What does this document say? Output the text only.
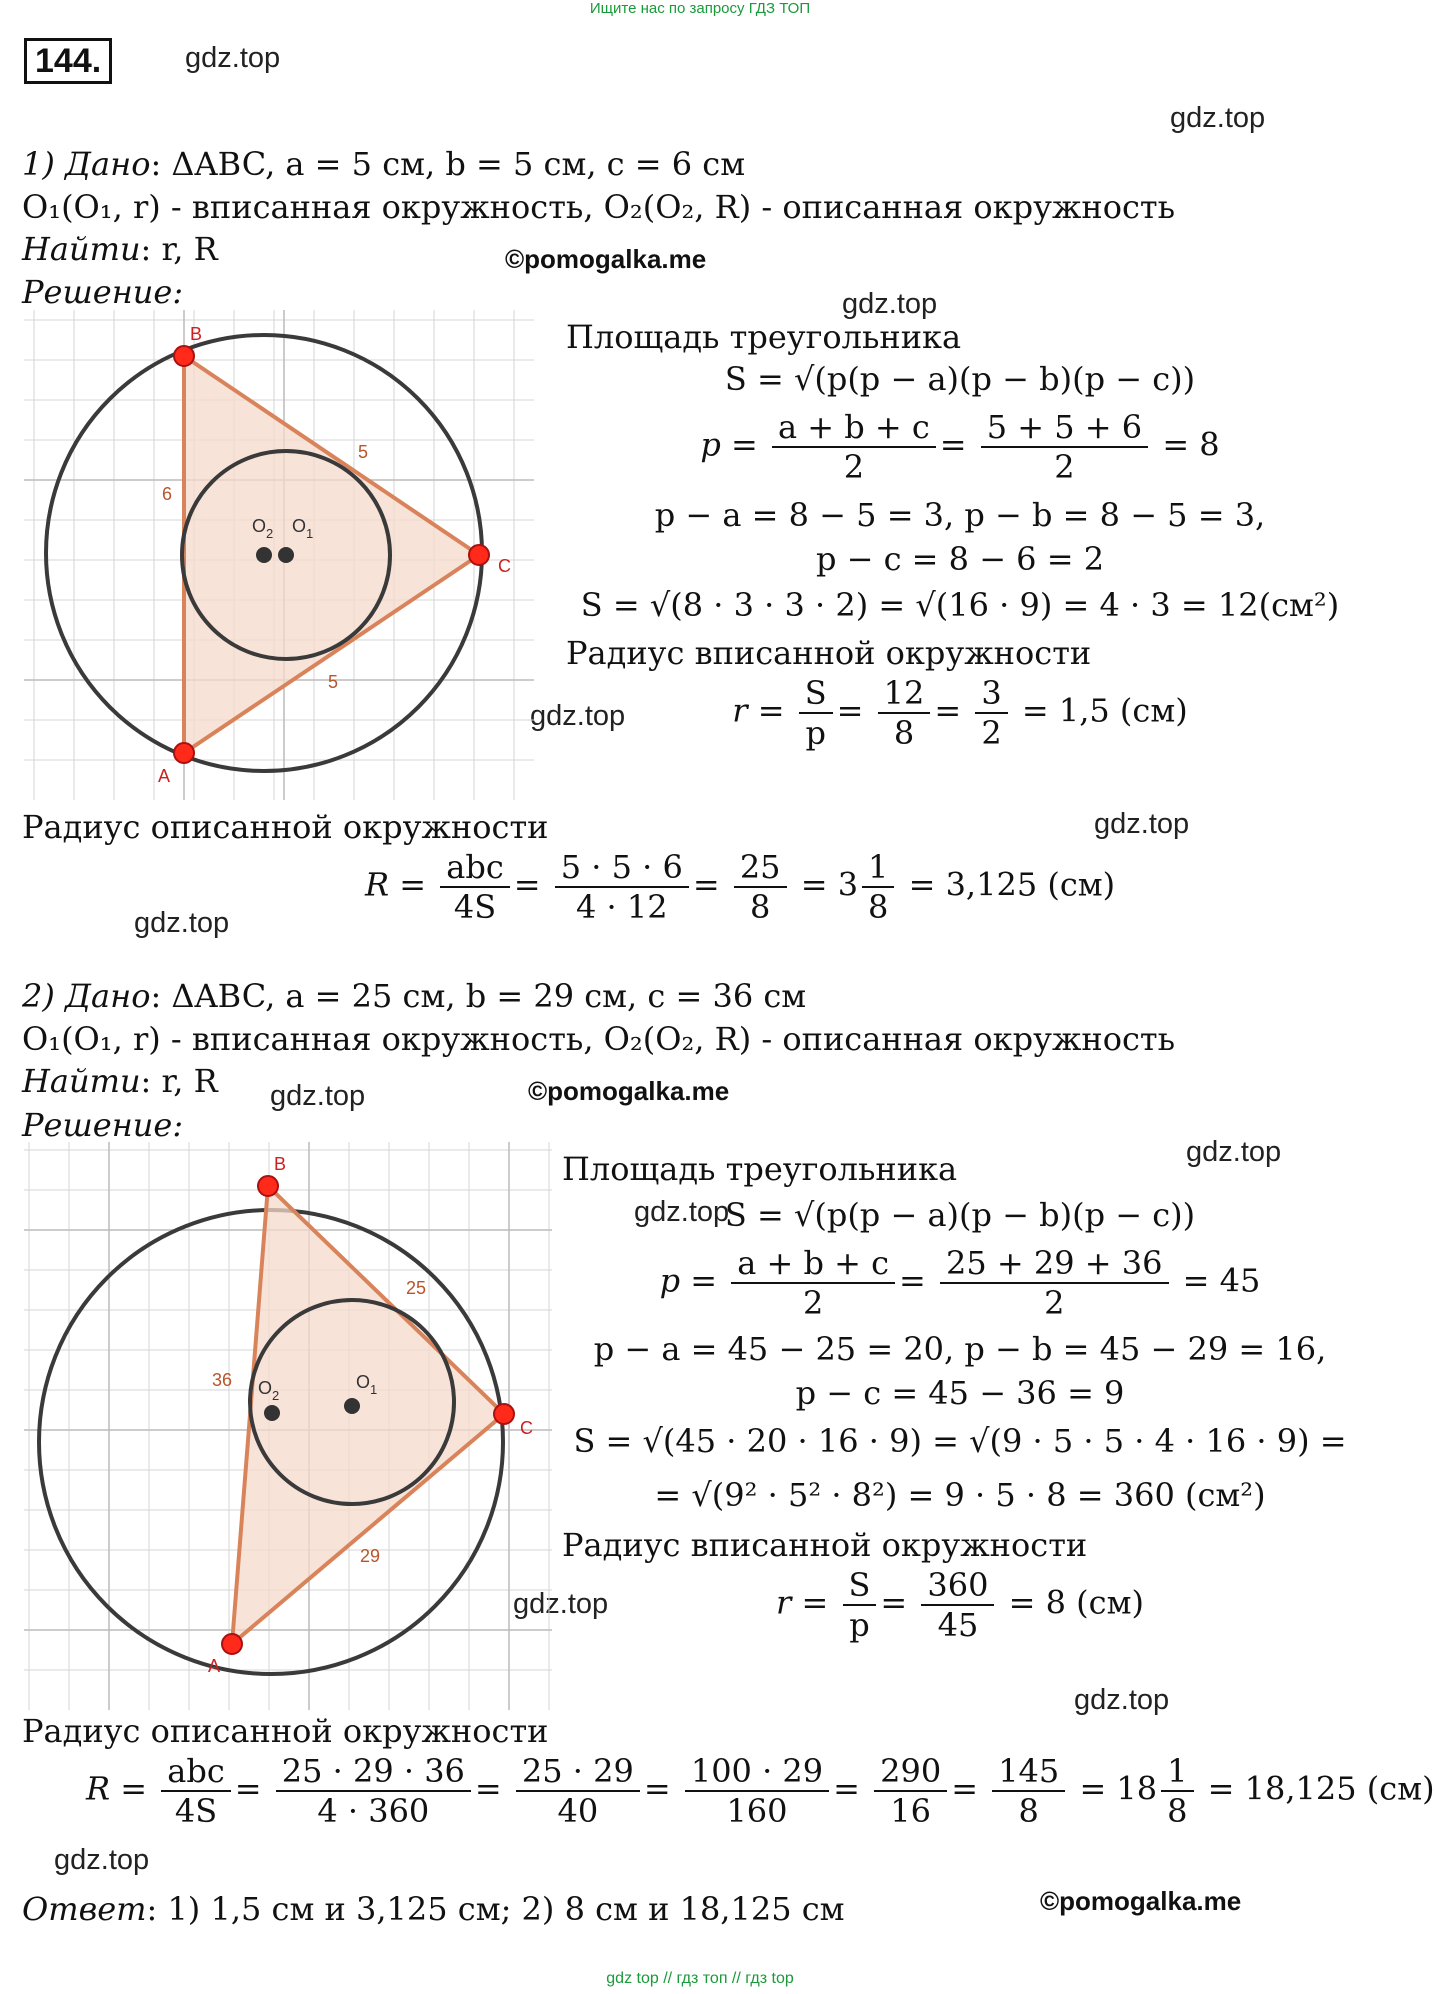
Ищите нас по запросу ГДЗ ТОП
144.	gdz.top
gdz.top
gdz.top
gdz.top
gdz.top
gdz.top
gdz.top
gdz.top
gdz.top
gdz.top
gdz.top
gdz.top
©pomogalka.me
©pomogalka.me
©pomogalka.me
1) Дано: ΔABC, a = 5 см, b = 5 см, c = 6 см
O₁(O₁, r) - вписанная окружность, O₂(O₂, R) - описанная окружность
Найти: r, R
Решение:
A
B
C
6
5
5
$O_2$ $O_1$
Площадь треугольника
S = √(p(p − a)(p − b)(p − c))
$p = \frac{a + b + c}{2} = \frac{5 + 5 + 6}{2} = 8$
p − a = 8 − 5 = 3, p − b = 8 − 5 = 3,
p − c = 8 − 6 = 2
S = √(8 · 3 · 3 · 2) = √(16 · 9) = 4 · 3 = 12(см²)
Радиус вписанной окружности
$r = \frac{S}{p} = \frac{12}{8} = \frac{3}{2} = 1,5$ (см)
Радиус описанной окружности
$R = \frac{\text{abc}}{4S} = \frac{5 \cdot 5 \cdot 6}{4 \cdot 12} = \frac{25}{8} = 3 \frac{1}{8} = 3,125$ (см)
2) Дано: ΔABC, a = 25 см, b = 29 см, c = 36 см
O₁(O₁, r) - вписанная окружность, O₂(O₂, R) - описанная окружность
Найти: r, R
Решение:
A
B
C
36
25
29
$O_2$
$O_1$
Площадь треугольника
S = √(p(p − a)(p − b)(p − c))
$p = \frac{a + b + c}{2} = \frac{25 + 29 + 36}{2} = 45$
p − a = 45 − 25 = 20, p − b = 45 − 29 = 16,
p − c = 45 − 36 = 9
S = √(45 · 20 · 16 · 9) = √(9 · 5 · 5 · 4 · 16 · 9) =
= √(9² · 5² · 8²) = 9 · 5 · 8 = 360 (см²)
Радиус вписанной окружности
$r = \frac{S}{p} = \frac{360}{45} = 8$ (см)
Радиус описанной окружности
$R = \frac{\text{abc}}{4S} = \frac{25 \cdot 29 \cdot 36}{4 \cdot 360} = \frac{25 \cdot 29}{40} = \frac{100 \cdot 29}{160} = \frac{290}{16} = \frac{145}{8} = 18 \frac{1}{8} = 18,125$ (см)
Ответ: 1) 1,5 см и 3,125 см; 2) 8 см и 18,125 см
gdz top // гдз топ // гдз top
